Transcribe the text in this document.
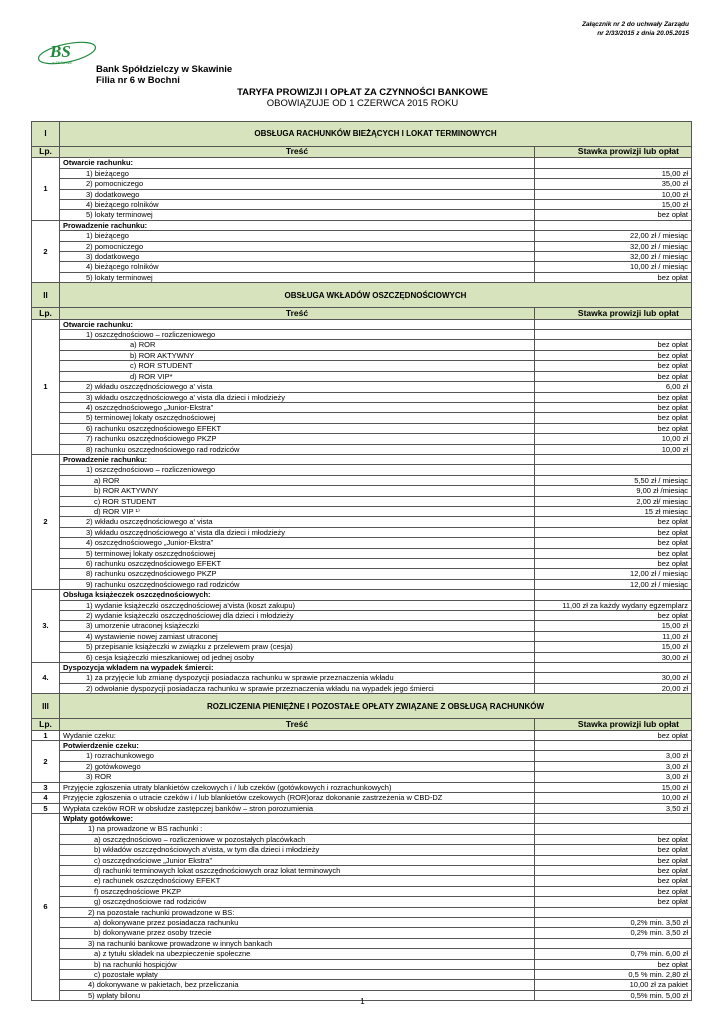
Załącznik nr 2 do uchwały Zarządu
nr 2/33/2015 z dnia 20.05.2015
BS
w SKAWINIE
Bank Spółdzielczy w Skawinie
Filia nr 6 w Bochni
TARYFA PROWIZJI I OPŁAT ZA CZYNNOŚCI BANKOWE
OBOWIĄZUJE OD 1 CZERWCA 2015 ROKU
I	OBSŁUGA RACHUNKÓW BIEŻĄCYCH I LOKAT TERMINOWYCH	
Lp.	Treść	Stawka prowizji lub opłat
1	Otwarcie rachunku:	
	1) bieżącego	15,00 zł
	2) pomocniczego	35,00 zł
	3) dodatkowego	10,00 zł
	4) bieżącego rolników	15,00 zł
	5) lokaty terminowej	bez opłat
2	Prowadzenie rachunku:	
	1) bieżącego	22,00 zł / miesiąc
	2) pomocniczego	32,00 zł / miesiąc
	3) dodatkowego	32,00 zł / miesiąc
	4) bieżącego rolników	10,00 zł / miesiąc
	5) lokaty terminowej	bez opłat
II	OBSŁUGA WKŁADÓW OSZCZĘDNOŚCIOWYCH	
Lp.	Treść	Stawka prowizji lub opłat
1	Otwarcie rachunku:	
	1) oszczędnościowo – rozliczeniowego	
	a) ROR	bez opłat
	b) ROR AKTYWNY	bez opłat
	c) ROR STUDENT	bez opłat
	d) ROR VIP*	bez opłat
	2) wkładu oszczędnościowego a' vista	6,00 zł
	3) wkładu oszczędnościowego a' vista dla dzieci i młodzieży	bez opłat
	4) oszczędnościowego „Junior-Ekstra”	bez opłat
	5) terminowej lokaty oszczędnościowej	bez opłat
	6) rachunku oszczędnościowego EFEKT	bez opłat
	7) rachunku oszczędnościowego PKZP	10,00 zł
	8) rachunku oszczędnościowego rad rodziców	10,00 zł
2	Prowadzenie rachunku:	
	1) oszczędnościowo – rozliczeniowego	
	a) ROR	5,50 zł / miesiąc
	b) ROR AKTYWNY	9,00 zł /miesiąc
	c) ROR STUDENT	2,00 zł/ miesiąc
	d) ROR VIP ¹⁾	15 zł miesiąc
	2) wkładu oszczędnościowego a' vista	bez opłat
	3) wkładu oszczędnościowego a' vista dla dzieci i młodzieży	bez opłat
	4) oszczędnościowego „Junior-Ekstra”	bez opłat
	5) terminowej lokaty oszczędnościowej	bez opłat
	6) rachunku oszczędnościowego EFEKT	bez opłat
	8) rachunku oszczędnościowego PKZP	12,00 zł / miesiąc
	9) rachunku oszczędnościowego rad rodziców	12,00 zł / miesiąc
3.	Obsługa książeczek oszczędnościowych:	
	1) wydanie książeczki oszczędnościowej a'vista (koszt zakupu)	11,00 zł za każdy wydany egzemplarz
	2) wydanie książeczki oszczędnościowej dla dzieci i młodzieży	bez opłat
	3) umorzenie utraconej książeczki	15,00 zł
	4) wystawienie nowej zamiast utraconej	11,00 zł
	5) przepisanie książeczki w związku z przelewem praw (cesja)	15,00 zł
	6) cesja książeczki mieszkaniowej od jednej osoby	30,00 zł
4.	Dyspozycja wkładem na wypadek śmierci:	
	1) za przyjęcie lub zmianę dyspozycji posiadacza rachunku w sprawie przeznaczenia wkładu	30,00 zł
	2) odwołanie dyspozycji posiadacza rachunku w sprawie przeznaczenia wkładu na wypadek jego śmierci	20,00 zł
III	ROZLICZENIA PIENIĘŻNE I POZOSTAŁE OPŁATY ZWIĄZANE Z OBSŁUGĄ RACHUNKÓW	
Lp.	Treść	Stawka prowizji lub opłat
1	Wydanie czeku:	bez opłat
2	Potwierdzenie czeku:	
	1) rozrachunkowego	3,00 zł
	2) gotówkowego	3,00 zł
	3) ROR	3,00 zł
3	Przyjęcie zgłoszenia utraty blankietów czekowych i / lub czeków (gotówkowych i rozrachunkowych)	15,00 zł
4	Przyjęcie zgłoszenia o utracie czeków i / lub blankietów czekowych (ROR)oraz dokonanie zastrzeżenia w CBD-DZ	10,00 zł
5	Wypłata czeków ROR w obsłudze zastępczej banków – stron porozumienia	3,50 zł
6	Wpłaty gotówkowe:	
	1) na prowadzone w BS rachunki :	
	a) oszczędnościowo – rozliczeniowe w pozostałych placówkach	bez opłat
	b) wkładów oszczędnościowych a'vista, w tym dla dzieci i młodzieży	bez opłat
	c) oszczędnościowe „Junior Ekstra”	bez opłat
	d) rachunki terminowych lokat oszczędnościowych oraz lokat terminowych	bez opłat
	e) rachunek oszczędnościowy EFEKT	bez opłat
	f) oszczędnościowe PKZP	bez opłat
	g) oszczędnościowe rad rodziców	bez opłat
	2) na pozostałe rachunki prowadzone w BS:	
	a) dokonywane przez posiadacza rachunku	0,2% min. 3,50 zł
	b) dokonywane przez osoby trzecie	0,2% min. 3,50 zł
	3) na rachunki bankowe prowadzone w innych bankach	
	a) z tytułu składek na ubezpieczenie społeczne	0,7% min. 6,00 zł
	b) na rachunki hospicjów	bez opłat
	c) pozostałe wpłaty	0,5 % min. 2,80 zł
	4) dokonywane w pakietach, bez przeliczania	10,00 zł za pakiet
	5) wpłaty bilonu	0,5% min. 5,00 zł
1
